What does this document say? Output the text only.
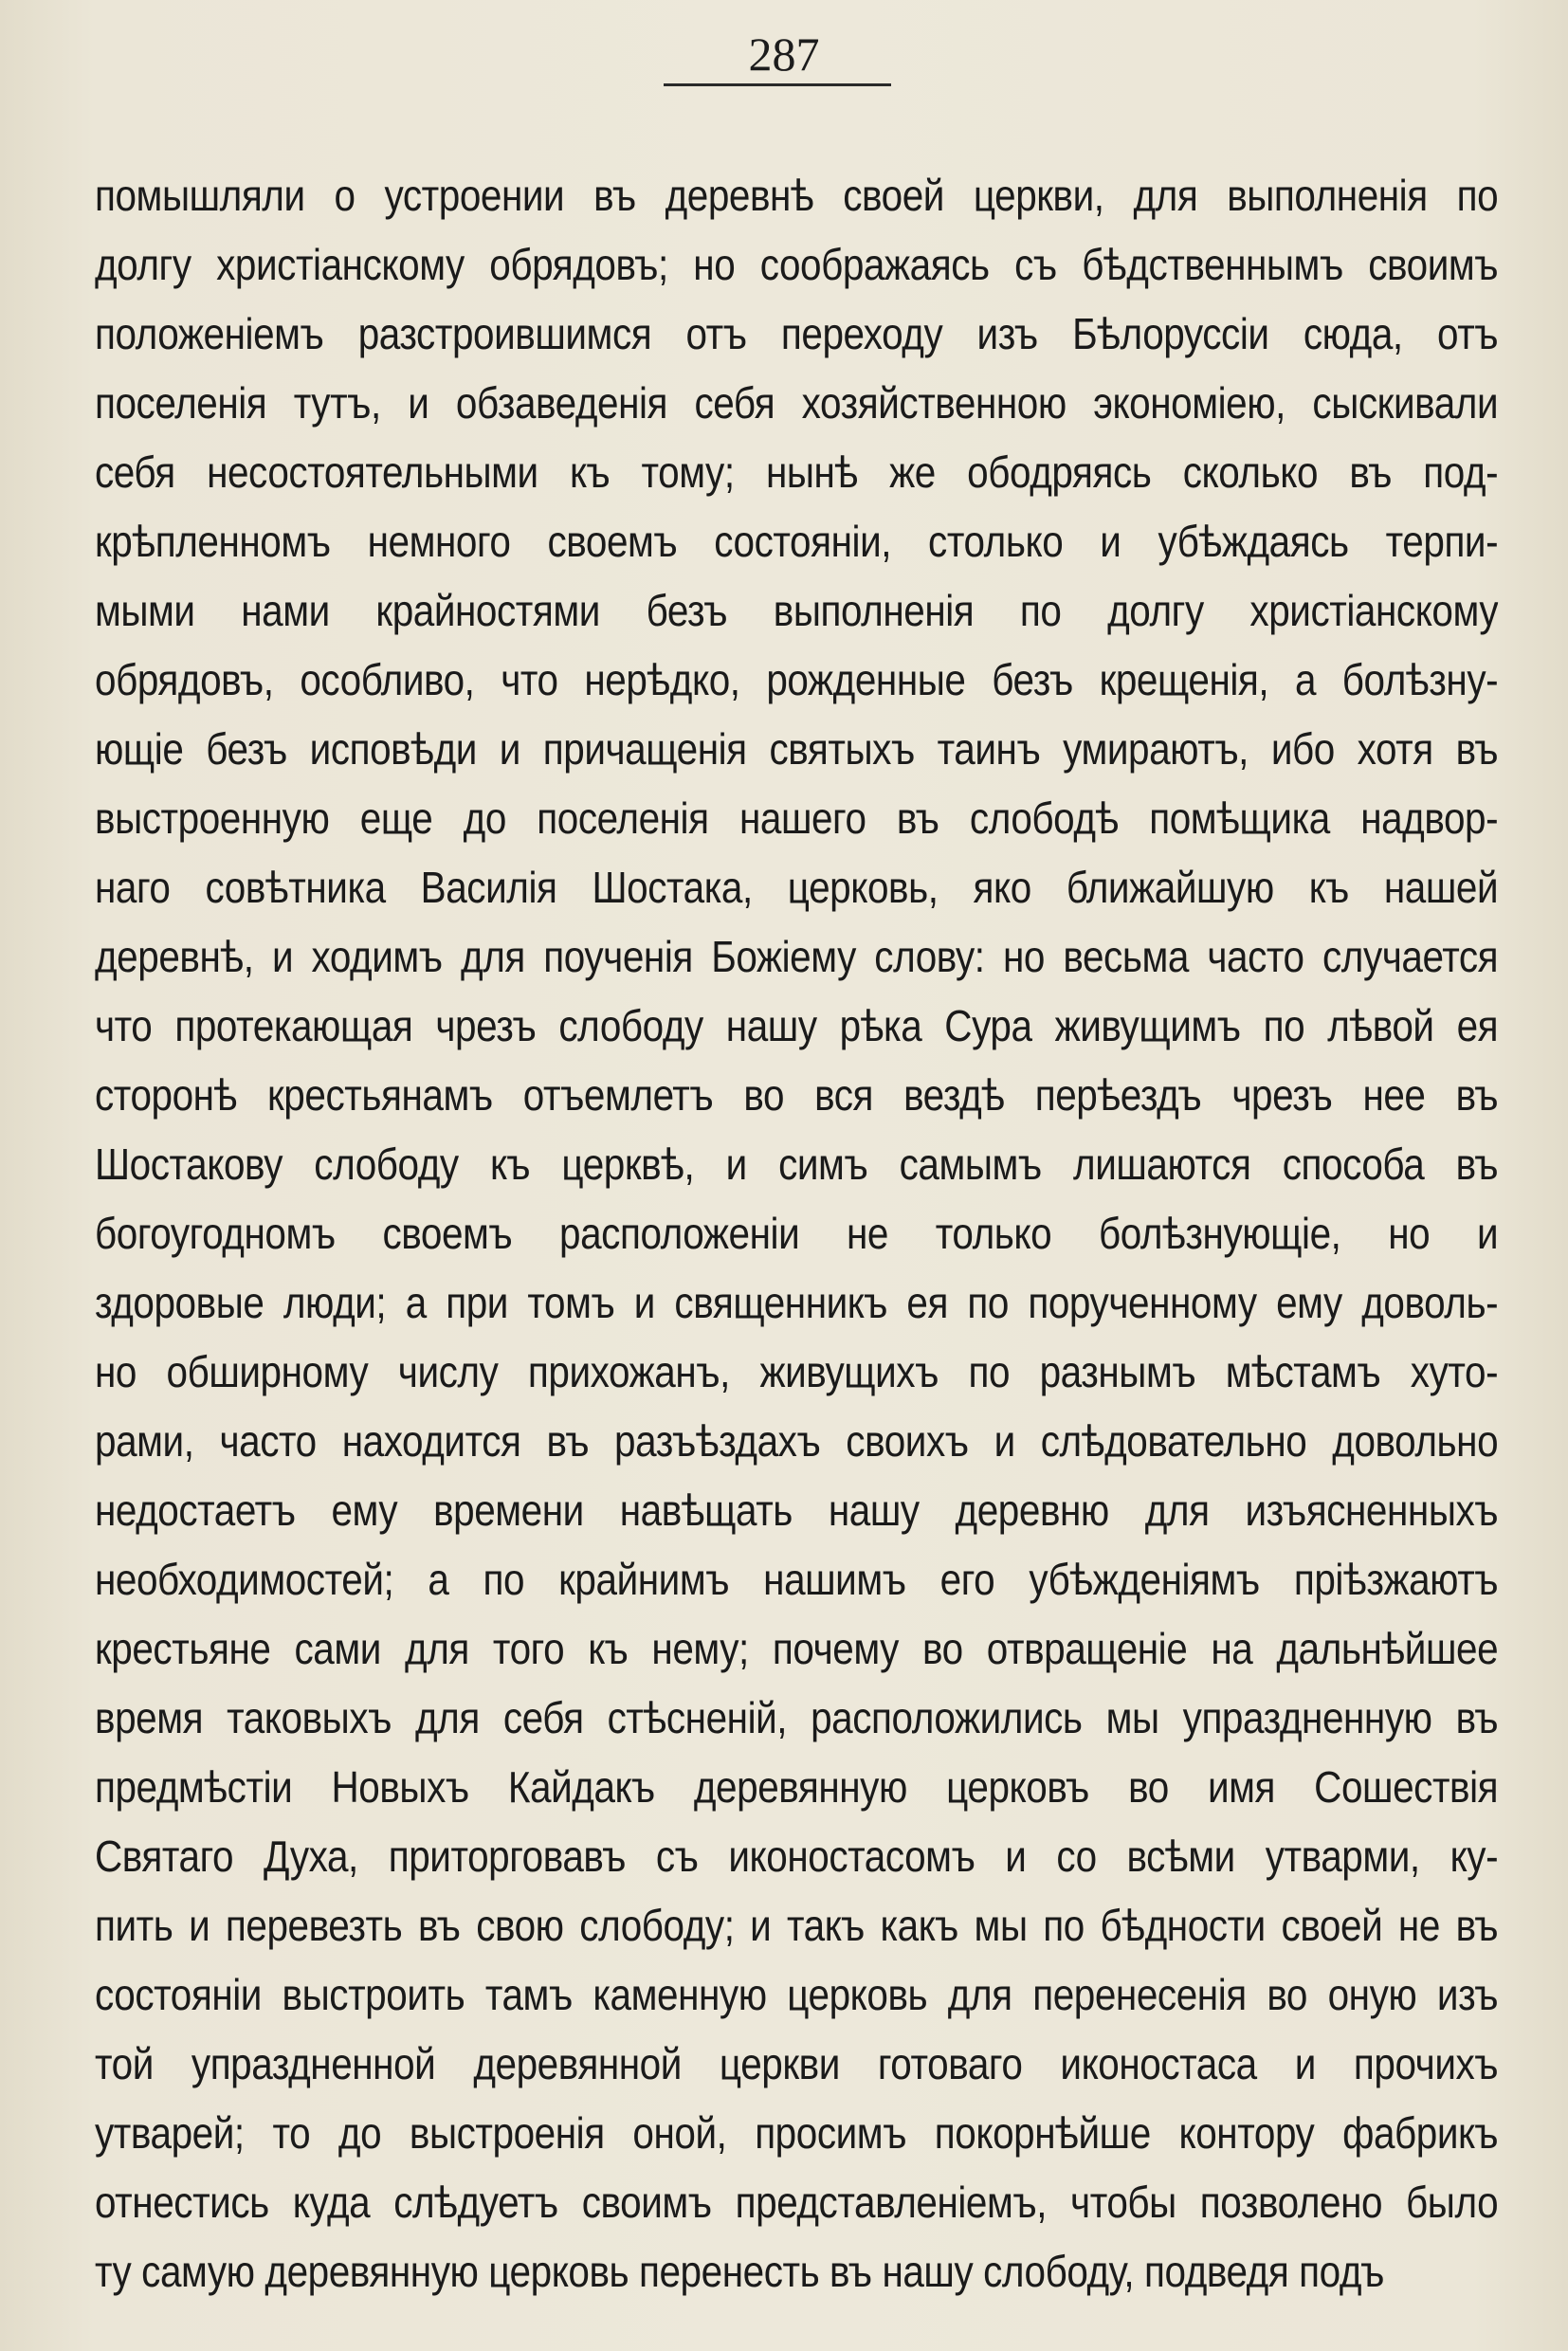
287
помышляли о устроении въ деревнѣ своей церкви, для выполненія по
долгу христіанскому обрядовъ; но соображаясь съ бѣдственнымъ своимъ
положеніемъ разстроившимся отъ переходу изъ Бѣлоруссіи сюда, отъ
поселенія тутъ, и обзаведенія себя хозяйственною экономіею, сыскивали
себя несостоятельными къ тому; нынѣ же ободряясь сколько въ под-
крѣпленномъ немного своемъ состояніи, столько и убѣждаясь терпи-
мыми нами крайностями безъ выполненія по долгу христіанскому
обрядовъ, особливо, что нерѣдко, рожденные безъ крещенія, а болѣзну-
ющіе безъ исповѣди и причащенія святыхъ таинъ умираютъ, ибо хотя въ
выстроенную еще до поселенія нашего въ слободѣ помѣщика надвор-
наго совѣтника Василія Шостака, церковь, яко ближайшую къ нашей
деревнѣ, и ходимъ для поученія Божіему слову: но весьма часто случается
что протекающая чрезъ слободу нашу рѣка Сура живущимъ по лѣвой ея
сторонѣ крестьянамъ отъемлетъ во вся вездѣ перѣездъ чрезъ нее въ
Шостакову слободу къ церквѣ, и симъ самымъ лишаются способа въ
богоугодномъ своемъ расположеніи не только болѣзнующіе, но и
здоровые люди; а при томъ и священникъ ея по порученному ему доволь-
но обширному числу прихожанъ, живущихъ по разнымъ мѣстамъ хуто-
рами, часто находится въ разъѣздахъ своихъ и слѣдовательно довольно
недостаетъ ему времени навѣщать нашу деревню для изъясненныхъ
необходимостей; а по крайнимъ нашимъ его убѣжденіямъ пріѣзжаютъ
крестьяне сами для того къ нему; почему во отвращеніе на дальнѣйшее
время таковыхъ для себя стѣсненій, расположились мы упраздненную въ
предмѣстіи Новыхъ Кайдакъ деревянную церковъ во имя Сошествія
Святаго Духа, приторговавъ съ иконостасомъ и со всѣми утварми, ку-
пить и перевезть въ свою слободу; и такъ какъ мы по бѣдности своей не въ
состояніи выстроить тамъ каменную церковь для перенесенія во оную изъ
той упраздненной деревянной церкви готоваго иконостаса и прочихъ
утварей; то до выстроенія оной, просимъ покорнѣйше контору фабрикъ
отнестись куда слѣдуетъ своимъ представленіемъ, чтобы позволено было
ту самую деревянную церковь перенесть въ нашу слободу, подведя подъ
